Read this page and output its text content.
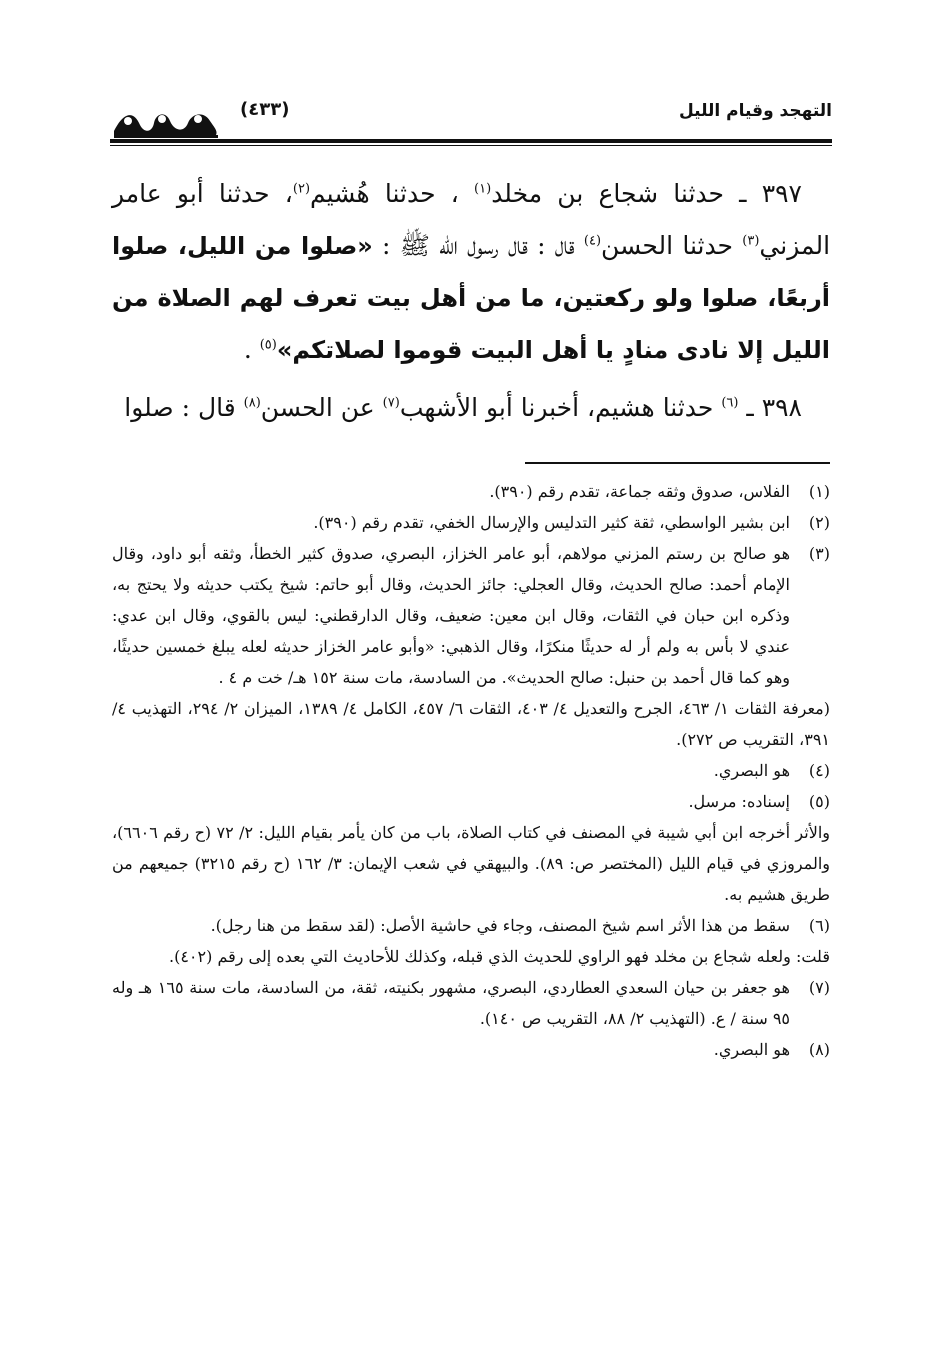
التهجد وقيام الليل
(٤٣٣)

٣٩٧ ـ حدثنا شجاع بن مخلد$^{(١)}$ ، حدثنا هُشيم$^{(٢)}$، حدثنا أبو عامر المزني$^{(٣)}$ حدثنا الحسن$^{(٤)}$ قال : قال رسول الله ﷺ : «صلوا من الليل، صلوا أربعًا، صلوا ولو ركعتين، ما من أهل بيت تعرف لهم الصلاة من الليل إلا نادى منادٍ يا أهل البيت قوموا لصلاتكم»$^{(٥)}$ .

٣٩٨ ـ $^{(٦)}$ حدثنا هشيم، أخبرنا أبو الأشهب$^{(٧)}$ عن الحسن$^{(٨)}$ قال : صلوا

(١)

الفلاس، صدوق وثقه جماعة، تقدم رقم (٣٩٠).

(٢)

ابن بشير الواسطي، ثقة كثير التدليس والإرسال الخفي، تقدم رقم (٣٩٠).

(٣)

هو صالح بن رستم المزني مولاهم، أبو عامر الخزاز، البصري، صدوق كثير الخطأ، وثقه أبو داود، وقال الإمام أحمد: صالح الحديث، وقال العجلي: جائز الحديث، وقال أبو حاتم: شيخ يكتب حديثه ولا يحتج به، وذكره ابن حبان في الثقات، وقال ابن معين: ضعيف، وقال الدارقطني: ليس بالقوي، وقال ابن عدي: عندي لا بأس به ولم أر له حديثًا منكرًا، وقال الذهبي: «وأبو عامر الخزاز حديثه لعله يبلغ خمسين حديثًا، وهو كما قال أحمد بن حنبل: صالح الحديث». من السادسة، مات سنة ١٥٢ هـ/ خت م ٤ .

(معرفة الثقات ١/ ٤٦٣، الجرح والتعديل ٤/ ٤٠٣، الثقات ٦/ ٤٥٧، الكامل ٤/ ١٣٨٩، الميزان ٢/ ٢٩٤، التهذيب ٤/ ٣٩١، التقريب ص ٢٧٢).

(٤)

هو البصري.

(٥)

إسناده: مرسل.

والأثر أخرجه ابن أبي شيبة في المصنف في كتاب الصلاة، باب من كان يأمر بقيام الليل: ٢/ ٧٢ (ح رقم ٦٦٠٦)، والمروزي في قيام الليل (المختصر ص: ٨٩). والبيهقي في شعب الإيمان: ٣/ ١٦٢ (ح رقم ٣٢١٥) جميعهم من طريق هشيم به.

(٦)

سقط من هذا الأثر اسم شيخ المصنف، وجاء في حاشية الأصل: (لقد سقط من هنا رجل).

قلت: ولعله شجاع بن مخلد فهو الراوي للحديث الذي قبله، وكذلك للأحاديث التي بعده إلى رقم (٤٠٢).

(٧)

هو جعفر بن حيان السعدي العطاردي، البصري، مشهور بكنيته، ثقة، من السادسة، مات سنة ١٦٥ هـ وله ٩٥ سنة / ع. (التهذيب ٢/ ٨٨، التقريب ص ١٤٠).

(٨)

هو البصري.
